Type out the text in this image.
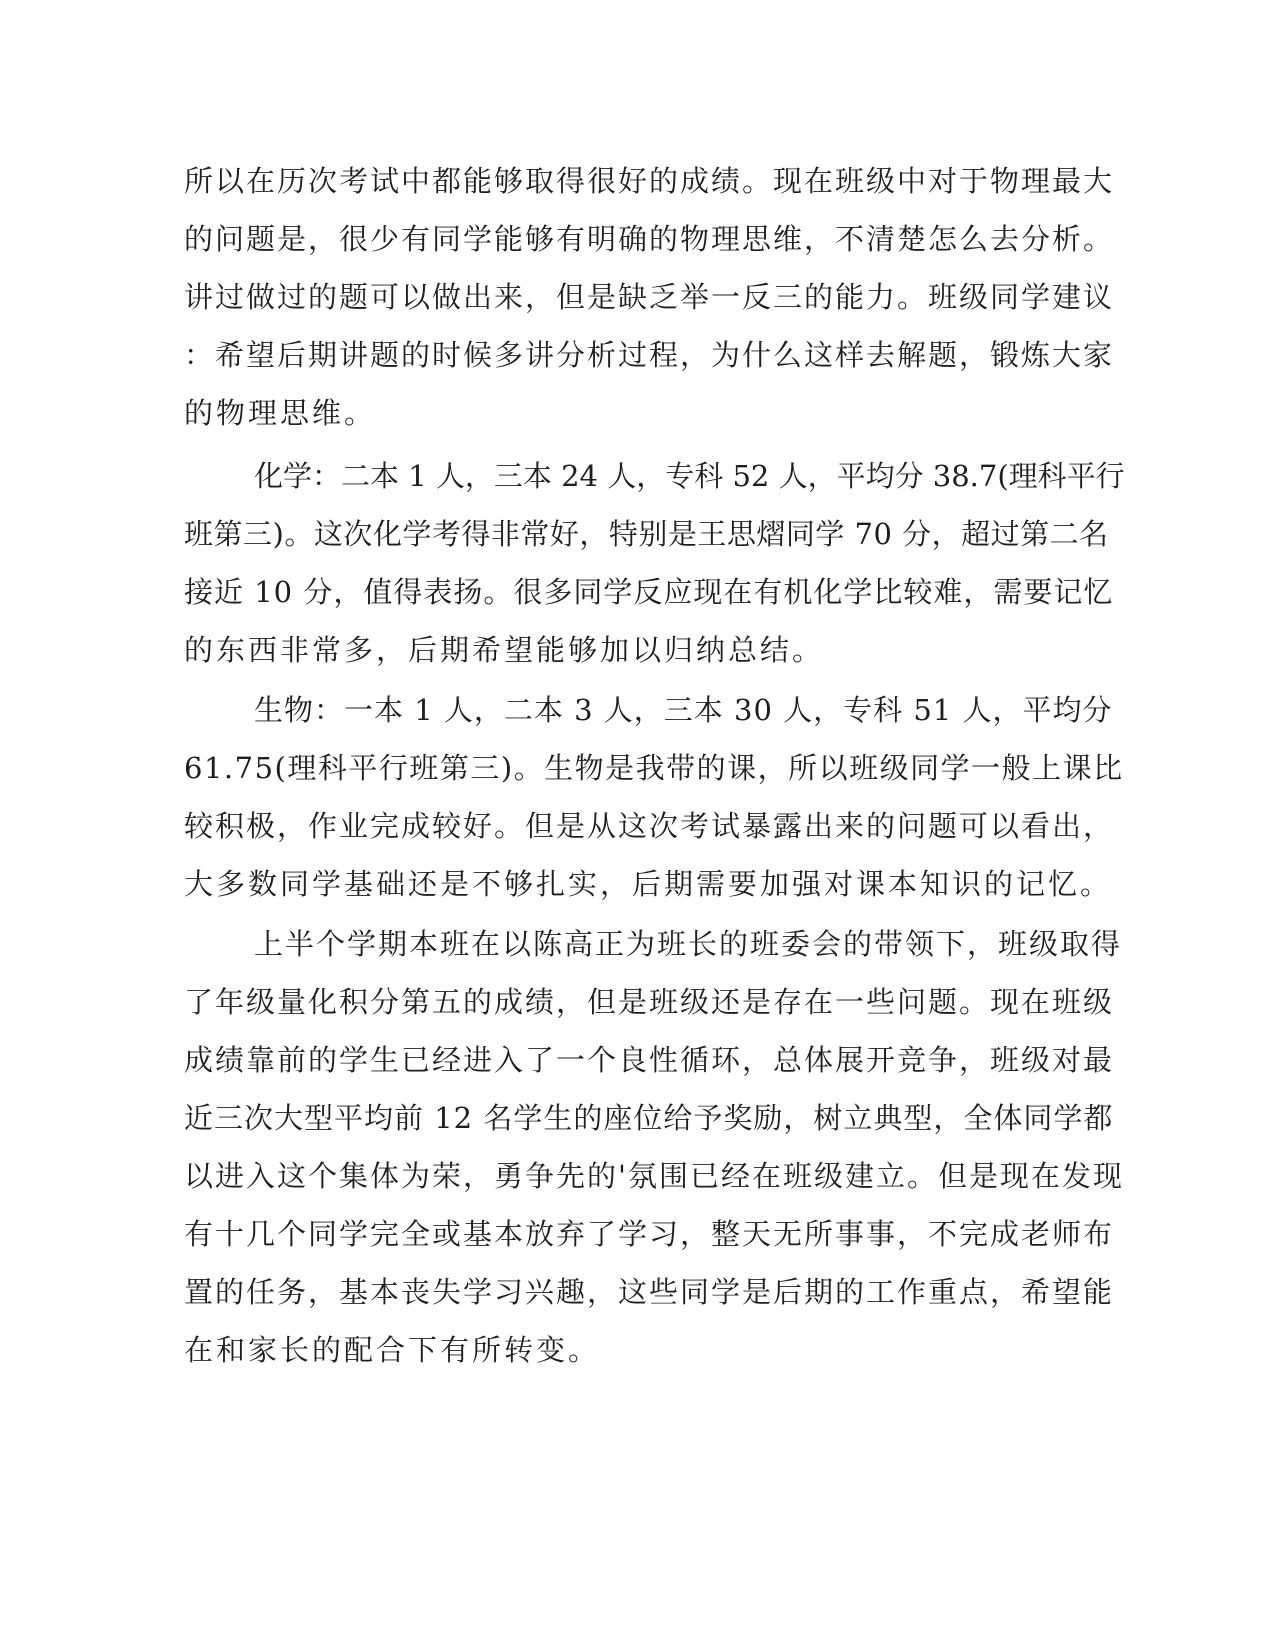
所以在历次考试中都能够取得很好的成绩。现在班级中对于物理最大
的问题是，很少有同学能够有明确的物理思维，不清楚怎么去分析。
讲过做过的题可以做出来，但是缺乏举一反三的能力。班级同学建议
：希望后期讲题的时候多讲分析过程，为什么这样去解题，锻炼大家
的物理思维。
化学：二本 1 人，三本 24 人，专科 52 人，平均分 38.7(理科平行
班第三)。这次化学考得非常好，特别是王思熠同学 70 分，超过第二名
接近 10 分，值得表扬。很多同学反应现在有机化学比较难，需要记忆
的东西非常多，后期希望能够加以归纳总结。
生物：一本 1 人，二本 3 人，三本 30 人，专科 51 人，平均分
61.75(理科平行班第三)。生物是我带的课，所以班级同学一般上课比
较积极，作业完成较好。但是从这次考试暴露出来的问题可以看出，
大多数同学基础还是不够扎实，后期需要加强对课本知识的记忆。
上半个学期本班在以陈高正为班长的班委会的带领下，班级取得
了年级量化积分第五的成绩，但是班级还是存在一些问题。现在班级
成绩靠前的学生已经进入了一个良性循环，总体展开竞争，班级对最
近三次大型平均前 12 名学生的座位给予奖励，树立典型，全体同学都
以进入这个集体为荣，勇争先的'氛围已经在班级建立。但是现在发现
有十几个同学完全或基本放弃了学习，整天无所事事，不完成老师布
置的任务，基本丧失学习兴趣，这些同学是后期的工作重点，希望能
在和家长的配合下有所转变。
